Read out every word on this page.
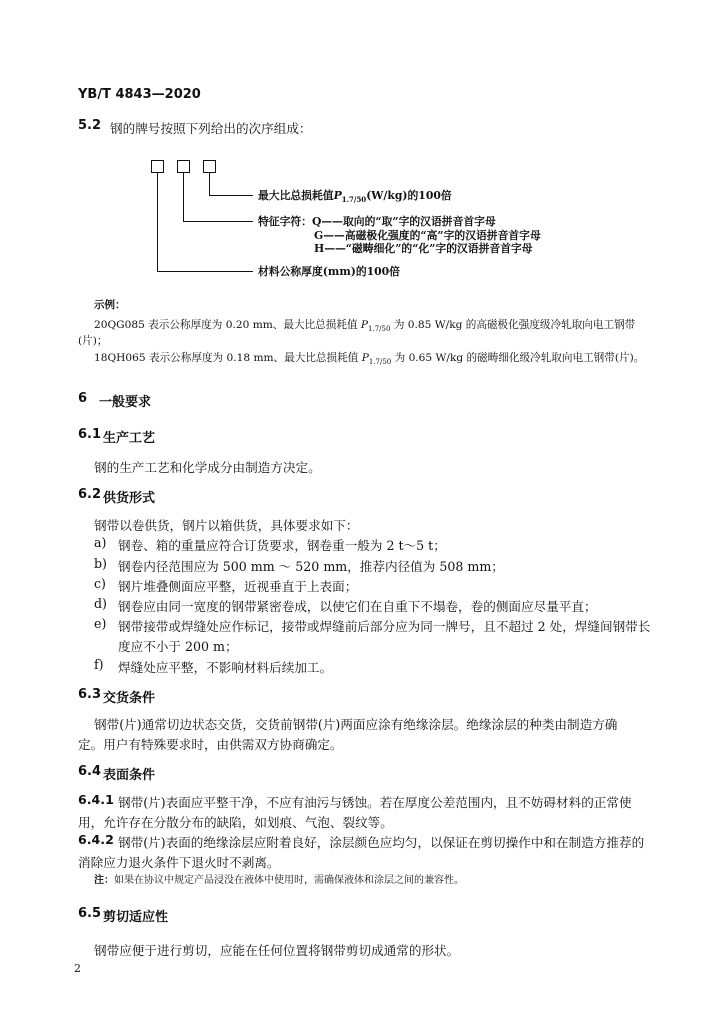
YB/T 4843—2020
5.2 钢的牌号按照下列给出的次序组成：
最大比总损耗值$P_{1.7/50}(W/kg)$的100倍
特征字符：Q——取向的“取”字的汉语拼音首字母
G——高磁极化强度的“高”字的汉语拼音首字母
H——“磁畴细化”的“化”字的汉语拼音首字母
材料公称厚度(mm)的100倍
示例：
20QG085 表示公称厚度为 0.20 mm、最大比总损耗值 $P_{1.7/50}$ 为 0.85 W/kg 的高磁极化强度级冷轧取向电工钢带
(片)；
18QH065 表示公称厚度为 0.18 mm、最大比总损耗值 $P_{1.7/50}$ 为 0.65 W/kg 的磁畴细化级冷轧取向电工钢带(片)。
6 一般要求
6.1 生产工艺
钢的生产工艺和化学成分由制造方决定。
6.2 供货形式
钢带以卷供货，钢片以箱供货，具体要求如下：
a) 钢卷、箱的重量应符合订货要求，钢卷重一般为 2 t～5 t；
b) 钢卷内径范围应为 500 mm ～ 520 mm，推荐内径值为 508 mm；
c) 钢片堆叠侧面应平整，近视垂直于上表面；
d) 钢卷应由同一宽度的钢带紧密卷成，以使它们在自重下不塌卷，卷的侧面应尽量平直；
e) 钢带接带或焊缝处应作标记，接带或焊缝前后部分应为同一牌号，且不超过 2 处，焊缝间钢带长
度应不小于 200 m；
f) 焊缝处应平整，不影响材料后续加工。
6.3 交货条件
钢带(片)通常切边状态交货，交货前钢带(片)两面应涂有绝缘涂层。绝缘涂层的种类由制造方确
定。用户有特殊要求时，由供需双方协商确定。
6.4 表面条件
6.4.1 钢带(片)表面应平整干净，不应有油污与锈蚀。若在厚度公差范围内，且不妨碍材料的正常使
用，允许存在分散分布的缺陷，如划痕、气泡、裂纹等。
6.4.2 钢带(片)表面的绝缘涂层应附着良好，涂层颜色应均匀，以保证在剪切操作中和在制造方推荐的
消除应力退火条件下退火时不剥离。
注：如果在协议中规定产品浸没在液体中使用时，需确保液体和涂层之间的兼容性。
6.5 剪切适应性
钢带应便于进行剪切，应能在任何位置将钢带剪切成通常的形状。
2
